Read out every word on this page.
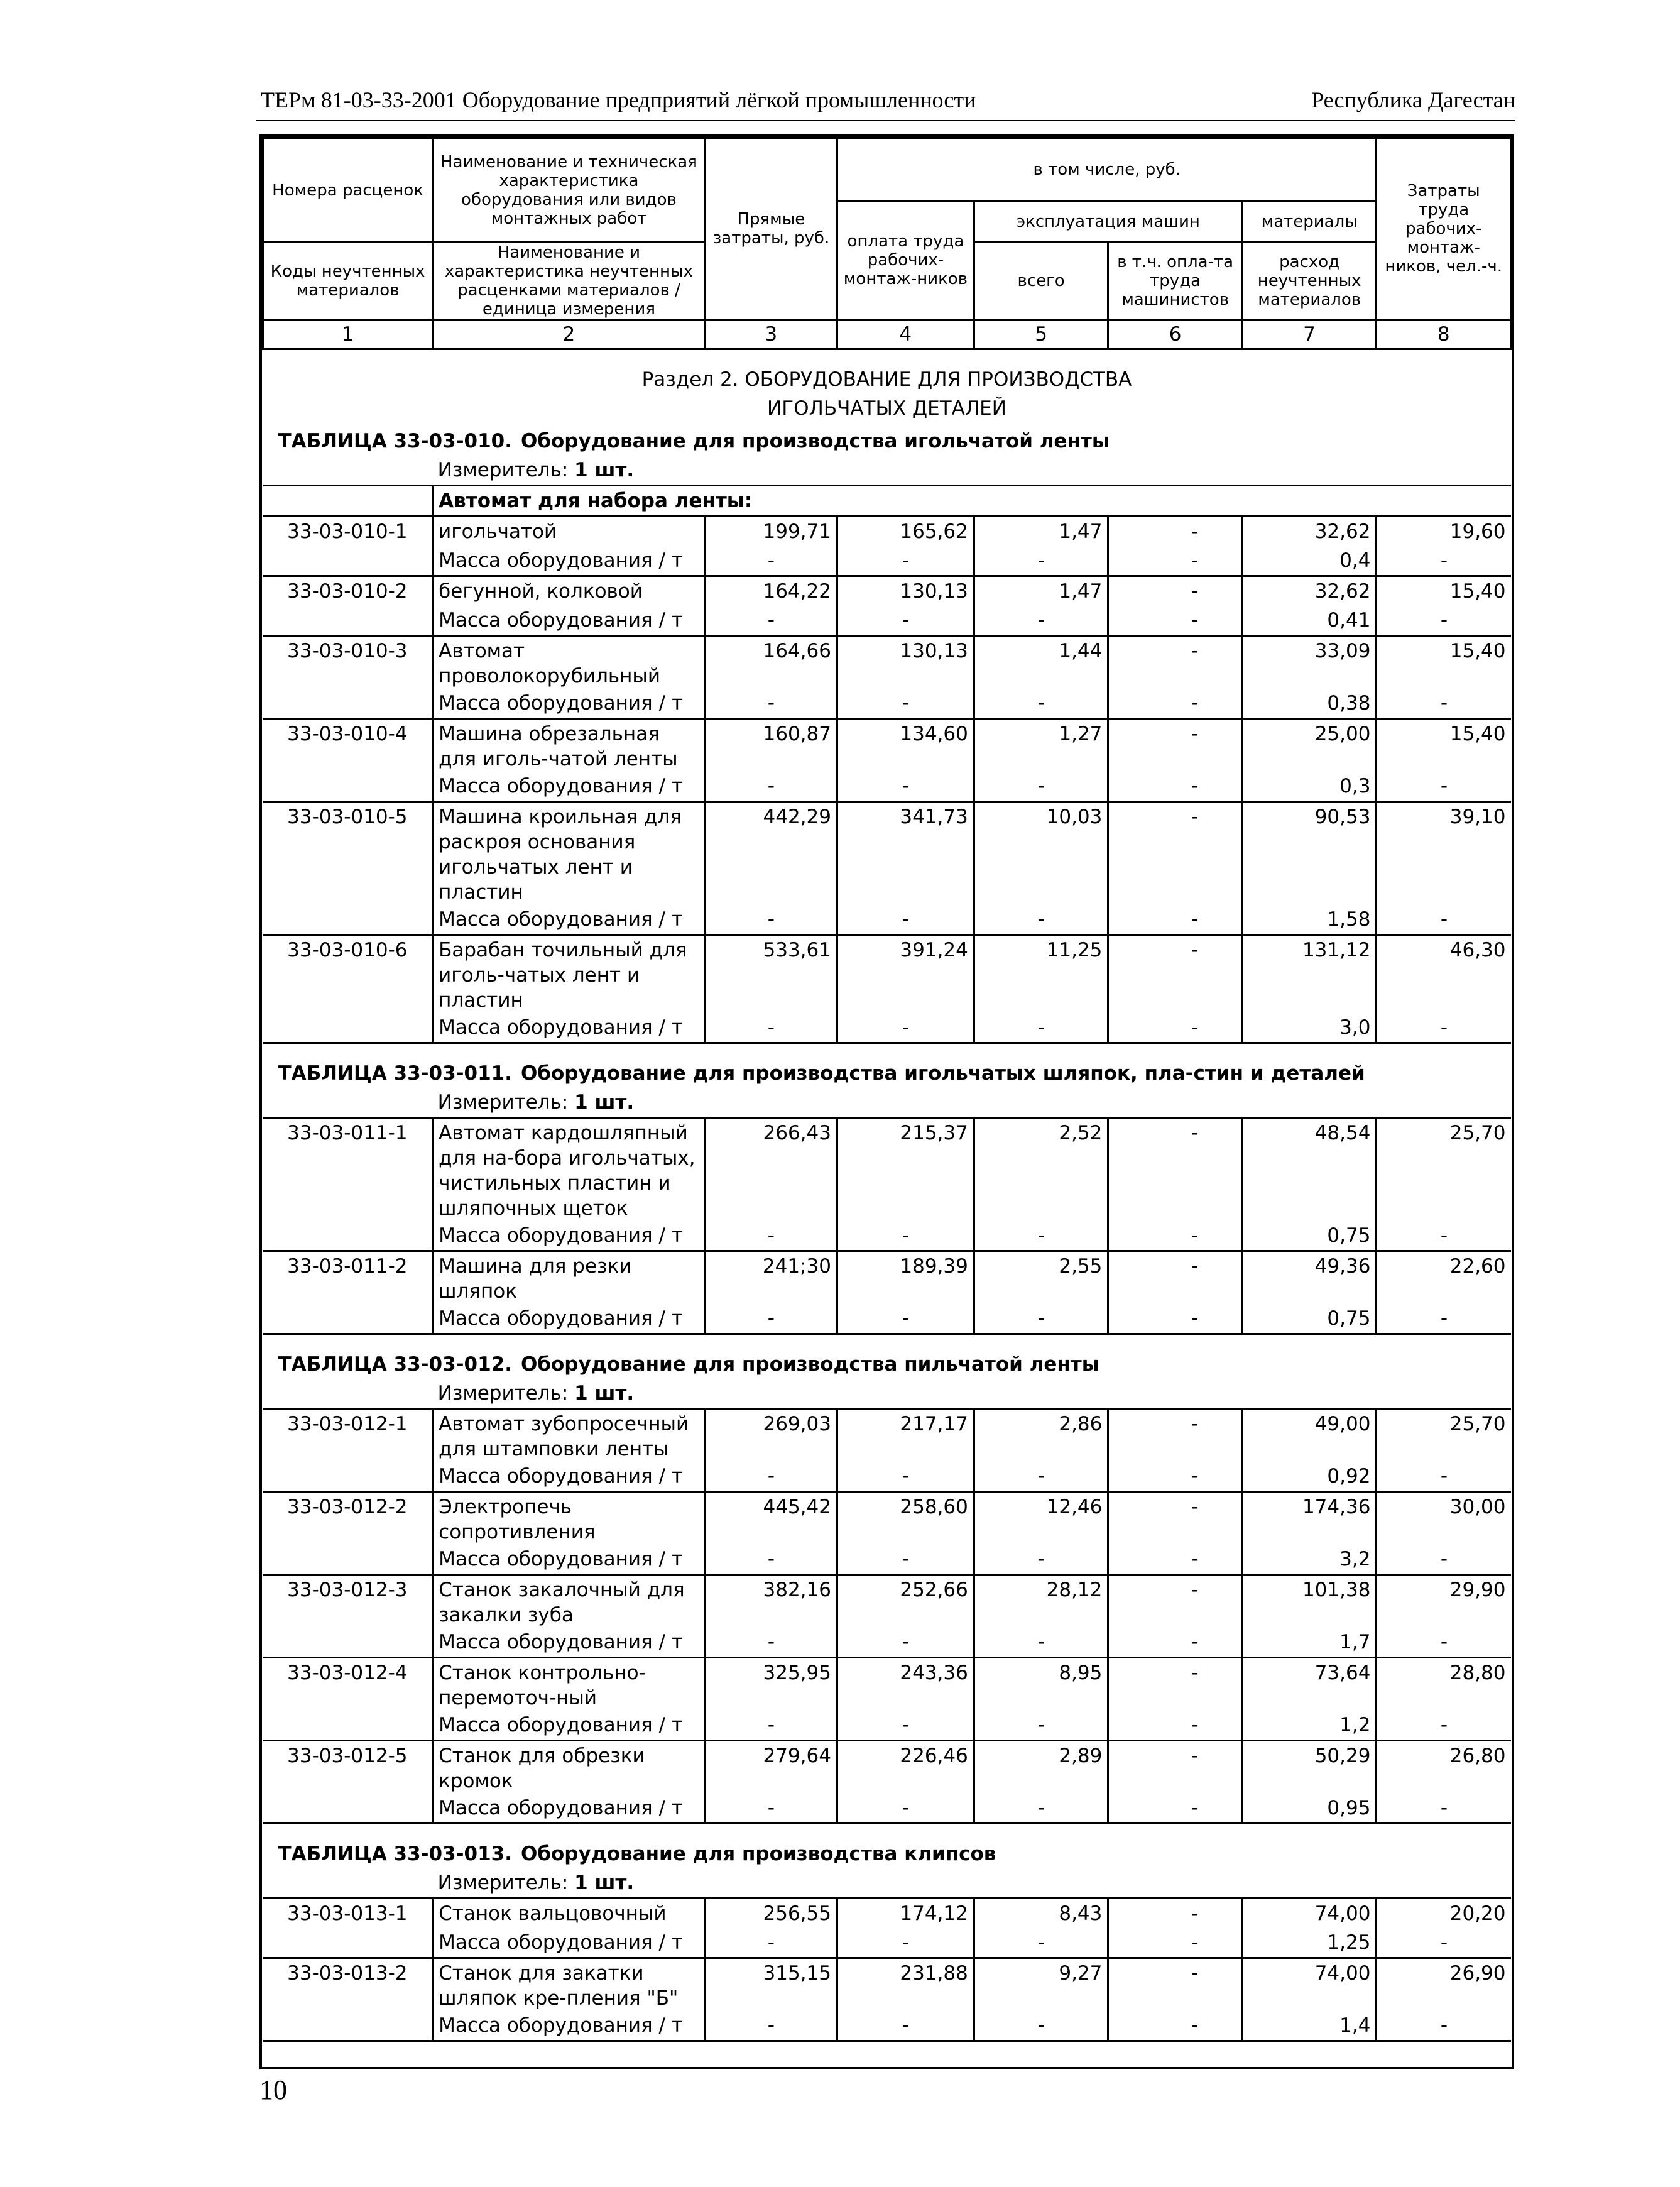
ТЕРм 81-03-33-2001 Оборудование предприятий лёгкой промышленности	Республика Дагестан
Номера расценок	Наименование и техническая характеристика оборудования или видов монтажных работ	Прямые затраты, руб.	в том числе, руб.				Затраты труда рабочих-монтаж-ников, чел.-ч.
			оплата труда рабочих-монтаж-ников	эксплуатация машин		материалы	
Коды неучтенных материалов	Наименование и характеристика неучтенных расценками материалов / единица измерения			всего	в т.ч. опла-та труда машинистов	расход неучтенных материалов	
1	2	3	4	5	6	7	8

Раздел 2. ОБОРУДОВАНИЕ ДЛЯ ПРОИЗВОДСТВА							
ИГОЛЬЧАТЫХ ДЕТАЛЕЙ							
ТАБЛИЦА 33-03-010. Оборудование для производства игольчатой ленты							
	Измеритель: 1 шт.						
	Автомат для набора ленты:						
33-03-010-1	игольчатой	199,71	165,62	1,47	-	32,62	19,60
	Масса оборудования / т	-	-	-	-	0,4	-
33-03-010-2	бегунной, колковой	164,22	130,13	1,47	-	32,62	15,40
	Масса оборудования / т	-	-	-	-	0,41	-
33-03-010-3	Автомат проволокорубильный	164,66	130,13	1,44	-	33,09	15,40
	Масса оборудования / т	-	-	-	-	0,38	-
33-03-010-4	Машина обрезальная для иголь-чатой ленты	160,87	134,60	1,27	-	25,00	15,40
	Масса оборудования / т	-	-	-	-	0,3	-
33-03-010-5	Машина кроильная для раскроя основания игольчатых лент и пластин	442,29	341,73	10,03	-	90,53	39,10
	Масса оборудования / т	-	-	-	-	1,58	-
33-03-010-6	Барабан точильный для иголь-чатых лент и пластин	533,61	391,24	11,25	-	131,12	46,30
	Масса оборудования / т	-	-	-	-	3,0	-

ТАБЛИЦА 33-03-011. Оборудование для производства игольчатых шляпок, пла-стин и деталей							
	Измеритель: 1 шт.						
33-03-011-1	Автомат кардошляпный для на-бора игольчатых, чистильных пластин и шляпочных щеток	266,43	215,37	2,52	-	48,54	25,70
	Масса оборудования / т	-	-	-	-	0,75	-
33-03-011-2	Машина для резки шляпок	241;30	189,39	2,55	-	49,36	22,60
	Масса оборудования / т	-	-	-	-	0,75	-

ТАБЛИЦА 33-03-012. Оборудование для производства пильчатой ленты							
	Измеритель: 1 шт.						
33-03-012-1	Автомат зубопросечный для штамповки ленты	269,03	217,17	2,86	-	49,00	25,70
	Масса оборудования / т	-	-	-	-	0,92	-
33-03-012-2	Электропечь сопротивления	445,42	258,60	12,46	-	174,36	30,00
	Масса оборудования / т	-	-	-	-	3,2	-
33-03-012-3	Станок закалочный для закалки зуба	382,16	252,66	28,12	-	101,38	29,90
	Масса оборудования / т	-	-	-	-	1,7	-
33-03-012-4	Станок контрольно-перемоточ-ный	325,95	243,36	8,95	-	73,64	28,80
	Масса оборудования / т	-	-	-	-	1,2	-
33-03-012-5	Станок для обрезки кромок	279,64	226,46	2,89	-	50,29	26,80
	Масса оборудования / т	-	-	-	-	0,95	-

ТАБЛИЦА 33-03-013. Оборудование для производства клипсов							
	Измеритель: 1 шт.						
33-03-013-1	Станок вальцовочный	256,55	174,12	8,43	-	74,00	20,20
	Масса оборудования / т	-	-	-	-	1,25	-
33-03-013-2	Станок для закатки шляпок кре-пления "Б"	315,15	231,88	9,27	-	74,00	26,90
	Масса оборудования / т	-	-	-	-	1,4	-
10
